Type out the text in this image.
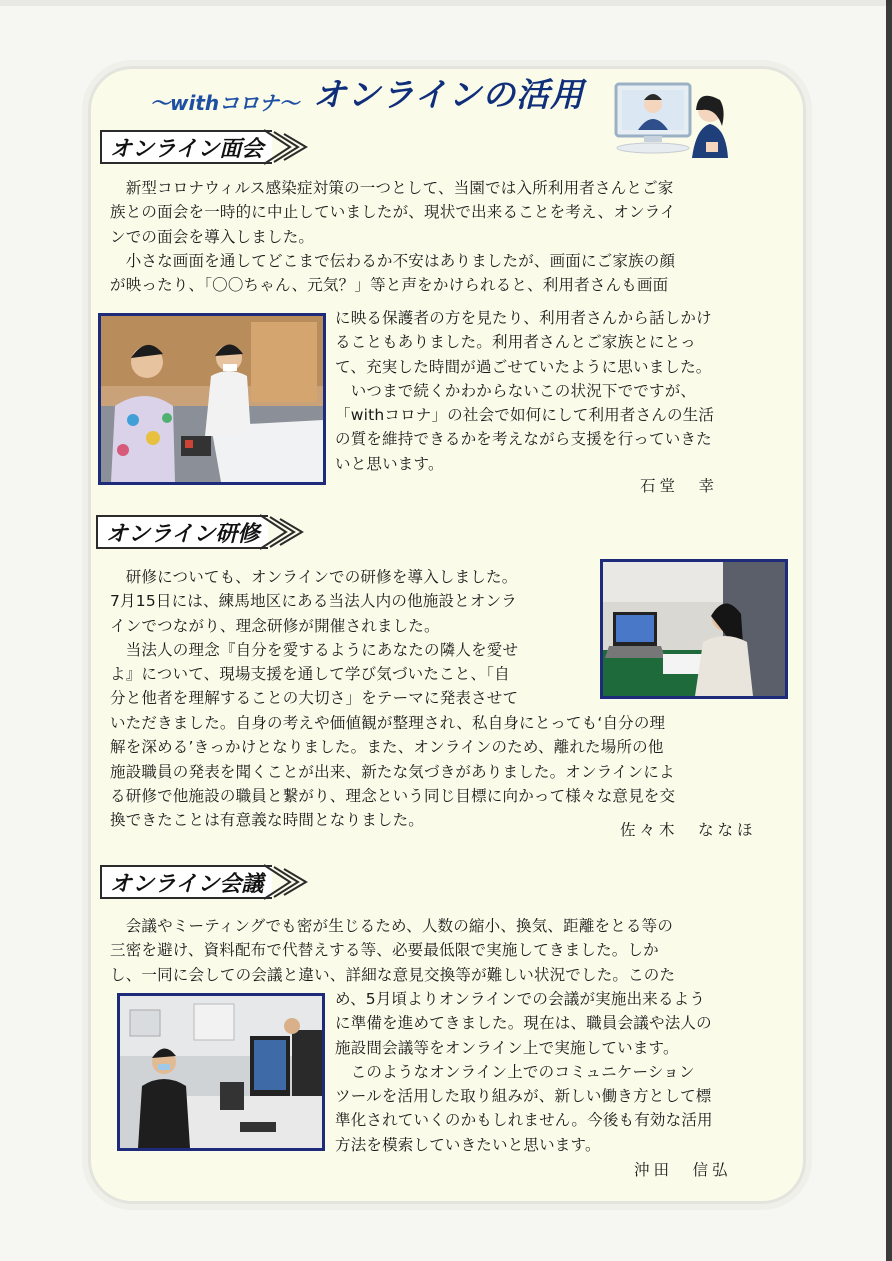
～withコロナ～ オンラインの活用
オンライン面会
　新型コロナウィルス感染症対策の一つとして、当園では入所利用者さんとご家
族との面会を一時的に中止していましたが、現状で出来ることを考え、オンライ
ンでの面会を導入しました。
　小さな画面を通してどこまで伝わるか不安はありましたが、画面にご家族の顔
が映ったり、「〇〇ちゃん、元気？」等と声をかけられると、利用者さんも画面
に映る保護者の方を見たり、利用者さんから話しかけ
ることもありました。利用者さんとご家族とにとっ
て、充実した時間が過ごせていたように思いました。
　いつまで続くかわからないこの状況下でですが、
「withコロナ」の社会で如何にして利用者さんの生活
の質を維持できるかを考えながら支援を行っていきた
いと思います。
石堂　幸
オンライン研修
　研修についても、オンラインでの研修を導入しました。
7月15日には、練馬地区にある当法人内の他施設とオンラ
インでつながり、理念研修が開催されました。
　当法人の理念『自分を愛するようにあなたの隣人を愛せ
よ』について、現場支援を通して学び気づいたこと、「自
分と他者を理解することの大切さ」をテーマに発表させて
いただきました。自身の考えや価値観が整理され、私自身にとっても‘自分の理
解を深める’きっかけとなりました。また、オンラインのため、離れた場所の他
施設職員の発表を聞くことが出来、新たな気づきがありました。オンラインによ
る研修で他施設の職員と繋がり、理念という同じ目標に向かって様々な意見を交
換できたことは有意義な時間となりました。
佐々木　ななほ
オンライン会議
　会議やミーティングでも密が生じるため、人数の縮小、換気、距離をとる等の
三密を避け、資料配布で代替えする等、必要最低限で実施してきました。しか
し、一同に会しての会議と違い、詳細な意見交換等が難しい状況でした。このた
め、5月頃よりオンラインでの会議が実施出来るよう
に準備を進めてきました。現在は、職員会議や法人の
施設間会議等をオンライン上で実施しています。
　このようなオンライン上でのコミュニケーション
ツールを活用した取り組みが、新しい働き方として標
準化されていくのかもしれません。今後も有効な活用
方法を模索していきたいと思います。
沖田　信弘
